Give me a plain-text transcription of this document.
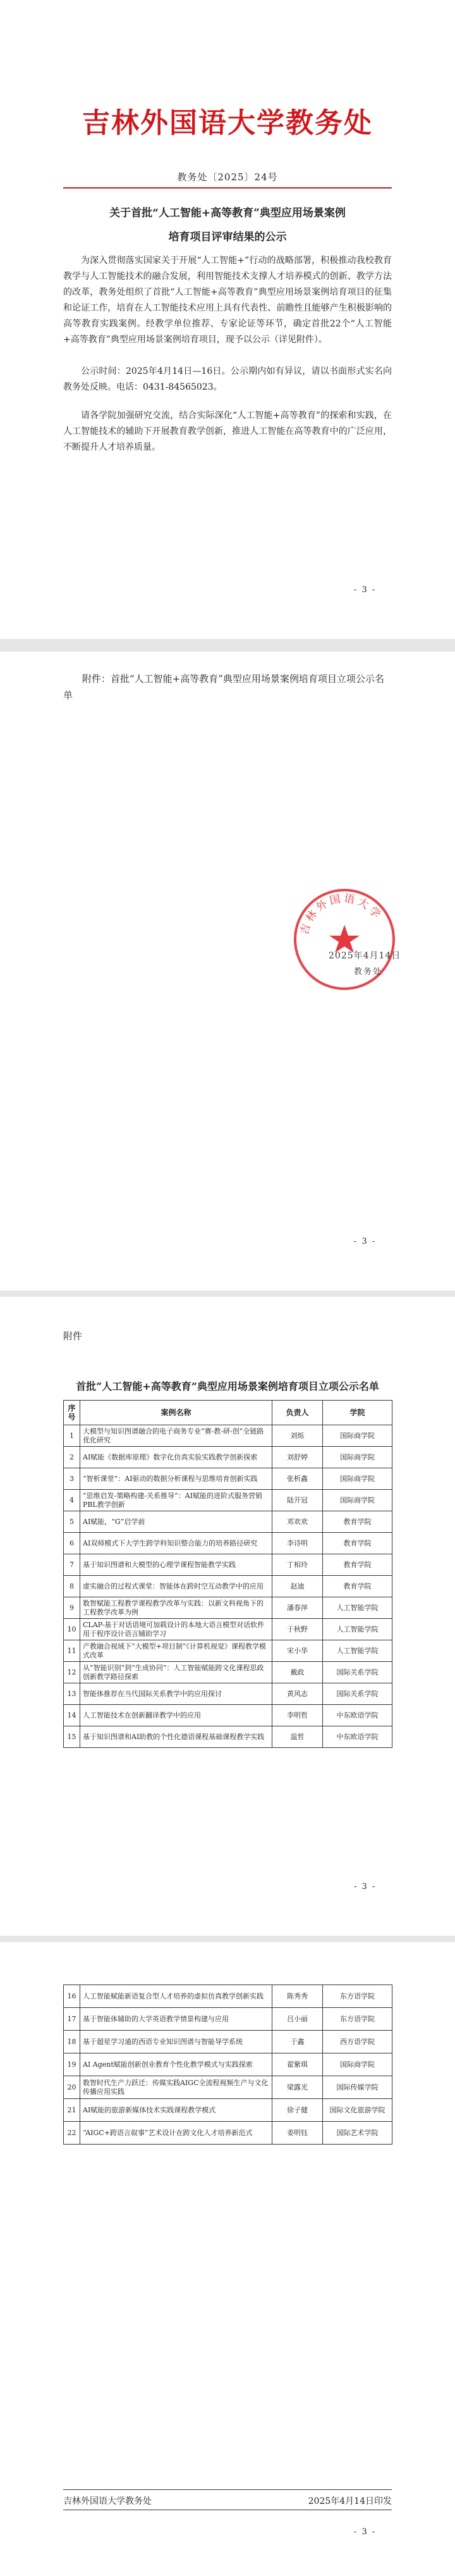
吉林外国语大学教务处
教务处〔2025〕24号
关于首批“人工智能+高等教育”典型应用场景案例
培育项目评审结果的公示

为深入贯彻落实国家关于开展“人工智能+”行动的战略部署，积极推动我校教育教学与人工智能技术的融合发展，利用智能技术支撑人才培养模式的创新、教学方法的改革，教务处组织了首批“人工智能+高等教育”典型应用场景案例培育项目的征集和论证工作，培育在人工智能技术应用上具有代表性、前瞻性且能够产生积极影响的高等教育实践案例。经教学单位推荐、专家论证等环节，确定首批22个“人工智能+高等教育”典型应用场景案例培育项目，现予以公示（详见附件）。

公示时间：2025年4月14日—16日。公示期内如有异议，请以书面形式实名向教务处反映。电话：0431-84565023。

请各学院加强研究交流，结合实际深化“人工智能+高等教育”的探索和实践，在人工智能技术的辅助下开展教育教学创新，推进人工智能在高等教育中的广泛应用，不断提升人才培养质量。

- 3 -

附件：首批“人工智能+高等教育”典型应用场景案例培育项目立项公示名单

吉林外国语大学
2025年4月14日
教务处
- 3 -
附件
首批“人工智能+高等教育”典型应用场景案例培育项目立项公示名单
序号	案例名称	负责人	学院
1	大模型与知识图谱融合的电子商务专业“赛-教-研-创”全链路优化研究	刘烁	国际商学院
2	AI赋能《数据库原理》数字化仿真实验实践教学创新探索	刘舒婷	国际商学院
3	“智析课堂”：AI驱动的数据分析课程与思维培育创新实践	张析鑫	国际商学院
4	“思维启发-策略构建-关系推导”：AI赋能的进阶式服务营销PBL教学创新	陆开冠	国际商学院
5	AI赋能，“G”启学前	邓欢欢	教育学院
6	AI双师模式下大学生跨学科知识整合能力的培养路径研究	李诗明	教育学院
7	基于知识图谱和大模型的心理学课程智能教学实践	丁相玲	教育学院
8	虚实融合的过程式课堂：智能体在跨时空互动教学中的应用	赵迪	教育学院
9	数智赋能工程教学课程教学改革与实践：以新文科视角下的工程教学改革为例	潘春萍	人工智能学院
10	CLAP-基于对话语境可加载设计的本地大语言模型对话软件用于程序设计语言辅助学习	于秋野	人工智能学院
11	产教融合视域下“大模型+项目制”《计算机视觉》课程教学模式改革	宋小华	人工智能学院
12	从“智能识别”到“生成协同”：人工智能赋能跨文化课程思政创新教学路径探索	戴政	国际关系学院
13	智能体推荐在当代国际关系教学中的应用探讨	黄风志	国际关系学院
14	人工智能技术在创新翻译教学中的应用	李明哲	中东欧语学院
15	基于知识图谱和AI助教的个性化德语课程基础课程教学实践	温哲	中东欧语学院
- 3 -
16	人工智能赋能新语复合型人才培养的虚拟仿真教学创新实践	陈秀秀	东方语学院
17	基于智能体辅助的大学英语教学情景构建与应用	吕小丽	东方语学院
18	基于超星学习通的西语专业知识图谱与智能导学系统	于鑫	西方语学院
19	AI Agent赋能创新创业教育个性化教学模式与实践探索	翟紫琪	国际商学院
20	数智时代生产力跃迁：传媒实践AIGC全流程视频生产与文化传播应用实践	梁露光	国际传媒学院
21	AI赋能的旅游新媒体技术实践课程教学模式	徐子健	国际文化旅游学院
22	“AIGC+跨语言叙事”艺术设计在跨文化人才培养新范式	姜明钰	国际艺术学院
吉林外国语大学教务处	2025年4月14日印发
- 3 -
